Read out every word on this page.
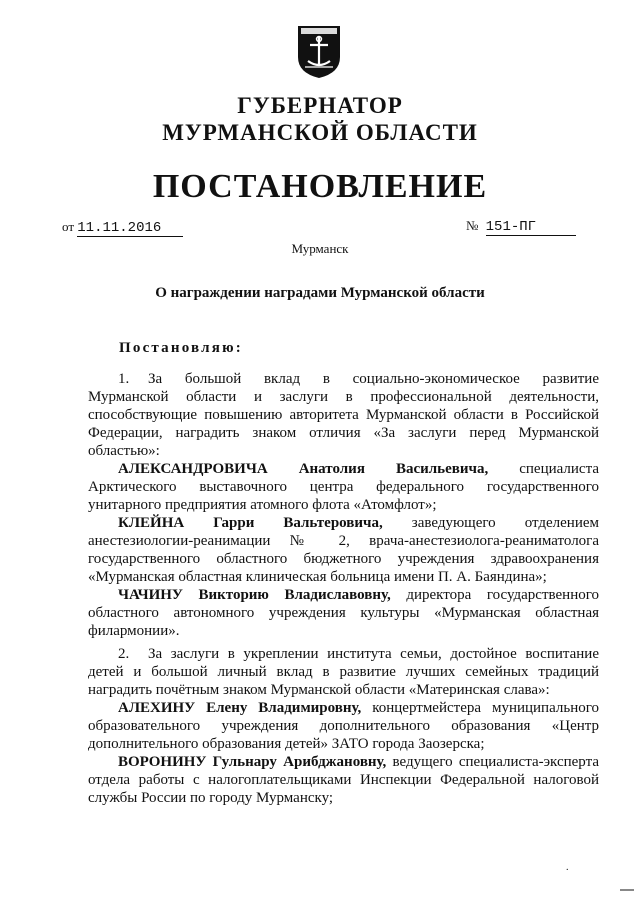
ГУБЕРНАТОР
МУРМАНСКОЙ ОБЛАСТИ
ПОСТАНОВЛЕНИЕ
от 11.11.2016	№ 151-ПГ
Мурманск
О награждении наградами Мурманской области
Постановляю:
1. За большой вклад в социально-экономическое развитие
Мурманской области и заслуги в профессиональной деятельности,
способствующие повышению авторитета Мурманской области в Российской
Федерации, наградить знаком отличия «За заслуги перед Мурманской
областью»:
АЛЕКСАНДРОВИЧА Анатолия Васильевича, специалиста
Арктического выставочного центра федерального государственного
унитарного предприятия атомного флота «Атомфлот»;
КЛЕЙНА Гарри Вальтеровича, заведующего отделением
анестезиологии-реанимации № 2, врача-анестезиолога-реаниматолога
государственного областного бюджетного учреждения здравоохранения
«Мурманская областная клиническая больница имени П. А. Баяндина»;
ЧАЧИНУ Викторию Владиславовну, директора государственного
областного автономного учреждения культуры «Мурманская областная
филармонии».
2. За заслуги в укреплении института семьи, достойное воспитание
детей и большой личный вклад в развитие лучших семейных традиций
наградить почётным знаком Мурманской области «Материнская слава»:
АЛЕХИНУ Елену Владимировну, концертмейстера муниципального
образовательного учреждения дополнительного образования «Центр
дополнительного образования детей» ЗАТО города Заозерска;
ВОРОНИНУ Гульнару Арибджановну, ведущего специалиста-эксперта
отдела работы с налогоплательщиками Инспекции Федеральной налоговой
службы России по городу Мурманску;
.
